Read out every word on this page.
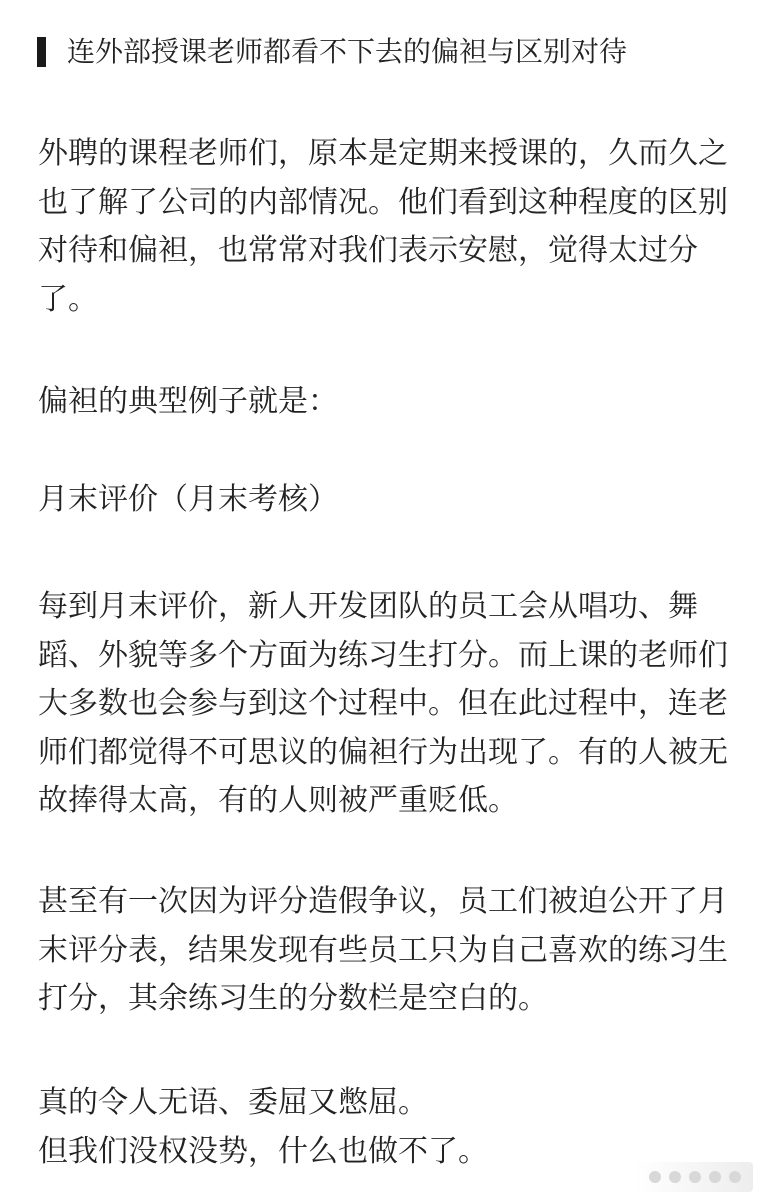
连外部授课老师都看不下去的偏袒与区别对待
外聘的课程老师们，原本是定期来授课的，久而久之
也了解了公司的内部情况。他们看到这种程度的区别
对待和偏袒，也常常对我们表示安慰，觉得太过分
了。
偏袒的典型例子就是：
月末评价（月末考核）
每到月末评价，新人开发团队的员工会从唱功、舞
蹈、外貌等多个方面为练习生打分。而上课的老师们
大多数也会参与到这个过程中。但在此过程中，连老
师们都觉得不可思议的偏袒行为出现了。有的人被无
故捧得太高，有的人则被严重贬低。
甚至有一次因为评分造假争议，员工们被迫公开了月
末评分表，结果发现有些员工只为自己喜欢的练习生
打分，其余练习生的分数栏是空白的。
真的令人无语、委屈又憋屈。
但我们没权没势，什么也做不了。
